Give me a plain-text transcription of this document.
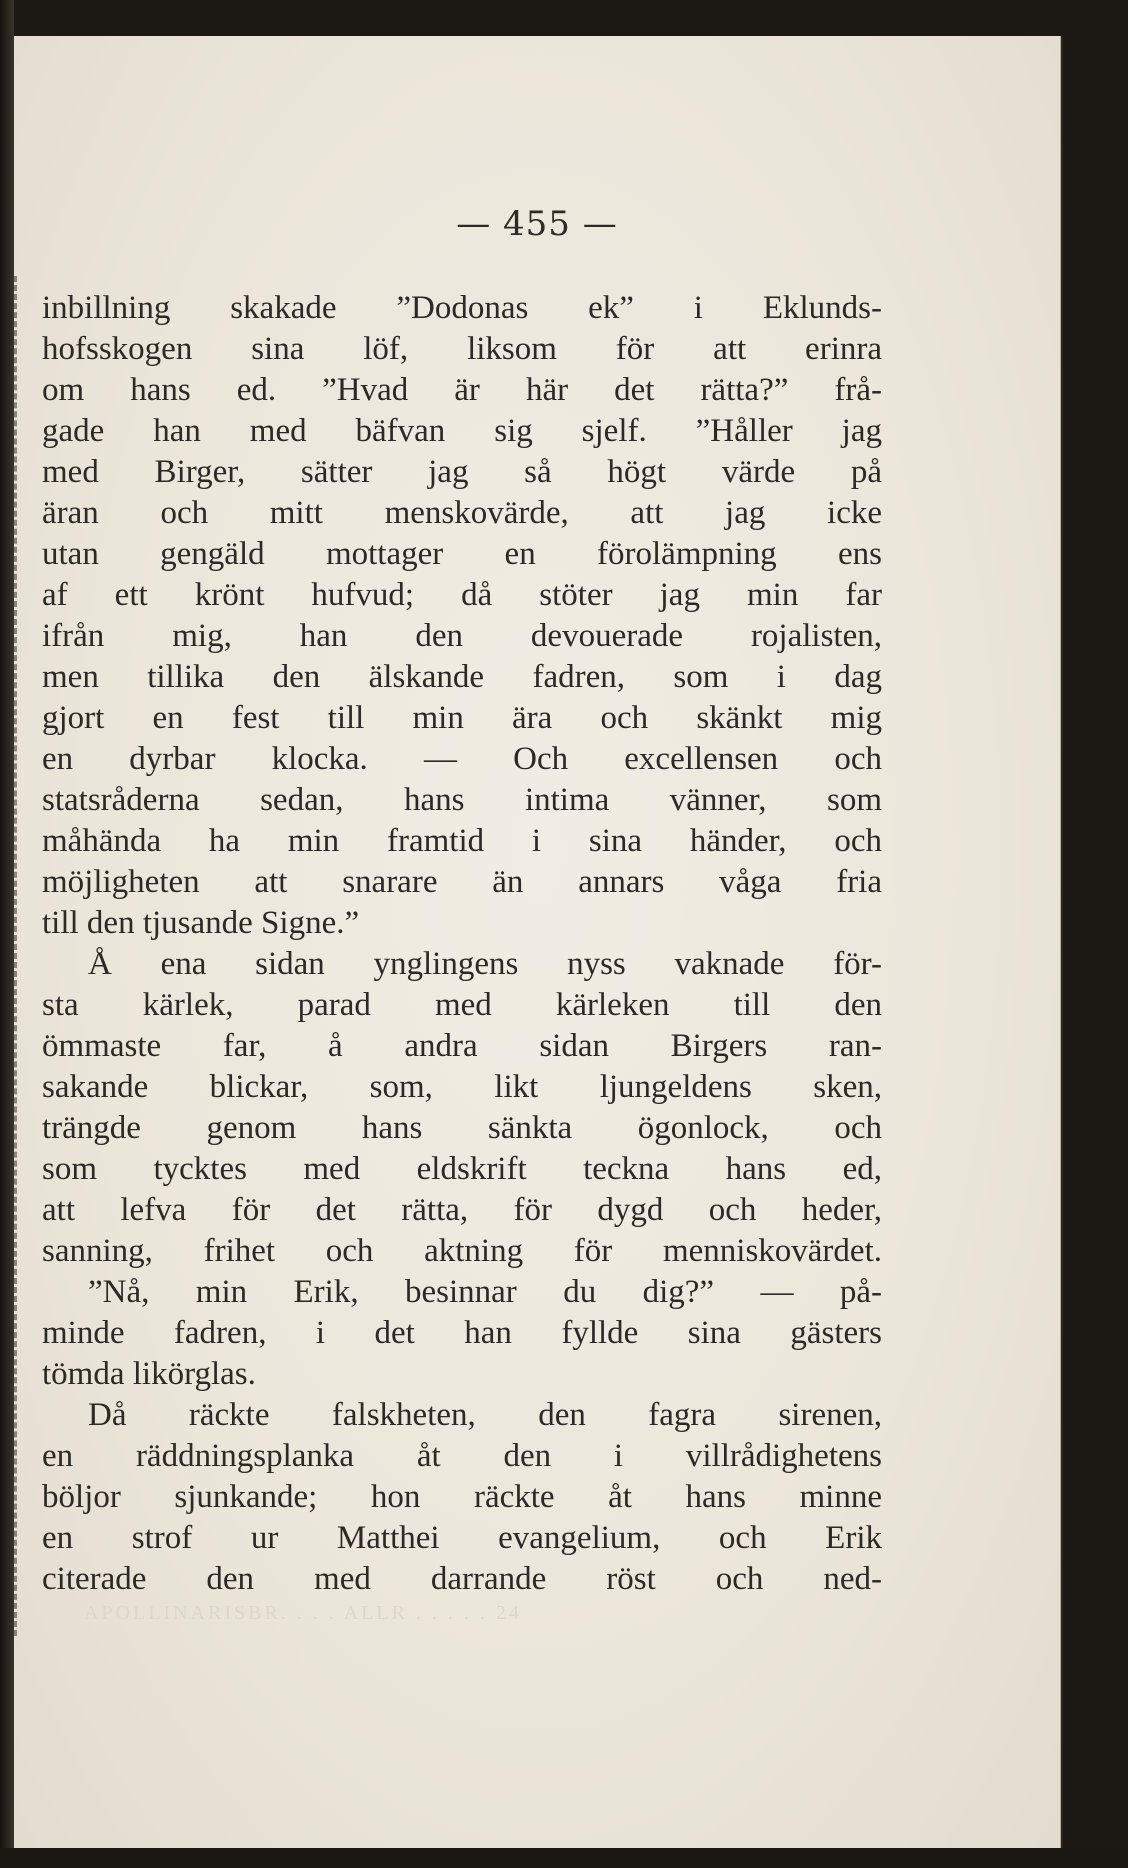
— 455 —

inbillning skakade ”Dodonas ek” i Eklunds-
hofsskogen sina löf, liksom för att erinra
om hans ed. ”Hvad är här det rätta?” frå-
gade han med bäfvan sig sjelf. ”Håller jag
med Birger, sätter jag så högt värde på
äran och mitt menskovärde, att jag icke
utan gengäld mottager en förolämpning ens
af ett krönt hufvud; då stöter jag min far
ifrån mig, han den devouerade rojalisten,
men tillika den älskande fadren, som i dag
gjort en fest till min ära och skänkt mig
en dyrbar klocka. — Och excellensen och
statsråderna sedan, hans intima vänner, som
måhända ha min framtid i sina händer, och
möjligheten att snarare än annars våga fria
till den tjusande Signe.”
Å ena sidan ynglingens nyss vaknade för-
sta kärlek, parad med kärleken till den
ömmaste far, å andra sidan Birgers ran-
sakande blickar, som, likt ljungeldens sken,
trängde genom hans sänkta ögonlock, och
som tycktes med eldskrift teckna hans ed,
att lefva för det rätta, för dygd och heder,
sanning, frihet och aktning för menniskovärdet.
”Nå, min Erik, besinnar du dig?” — på-
minde fadren, i det han fyllde sina gästers
tömda likörglas.
Då räckte falskheten, den fagra sirenen,
en räddningsplanka åt den i villrådighetens
böljor sjunkande; hon räckte åt hans minne
en strof ur Matthei evangelium, och Erik
citerade den med darrande röst och ned-

APOLLINARISBR. . . . ALLR . . . . . 24
